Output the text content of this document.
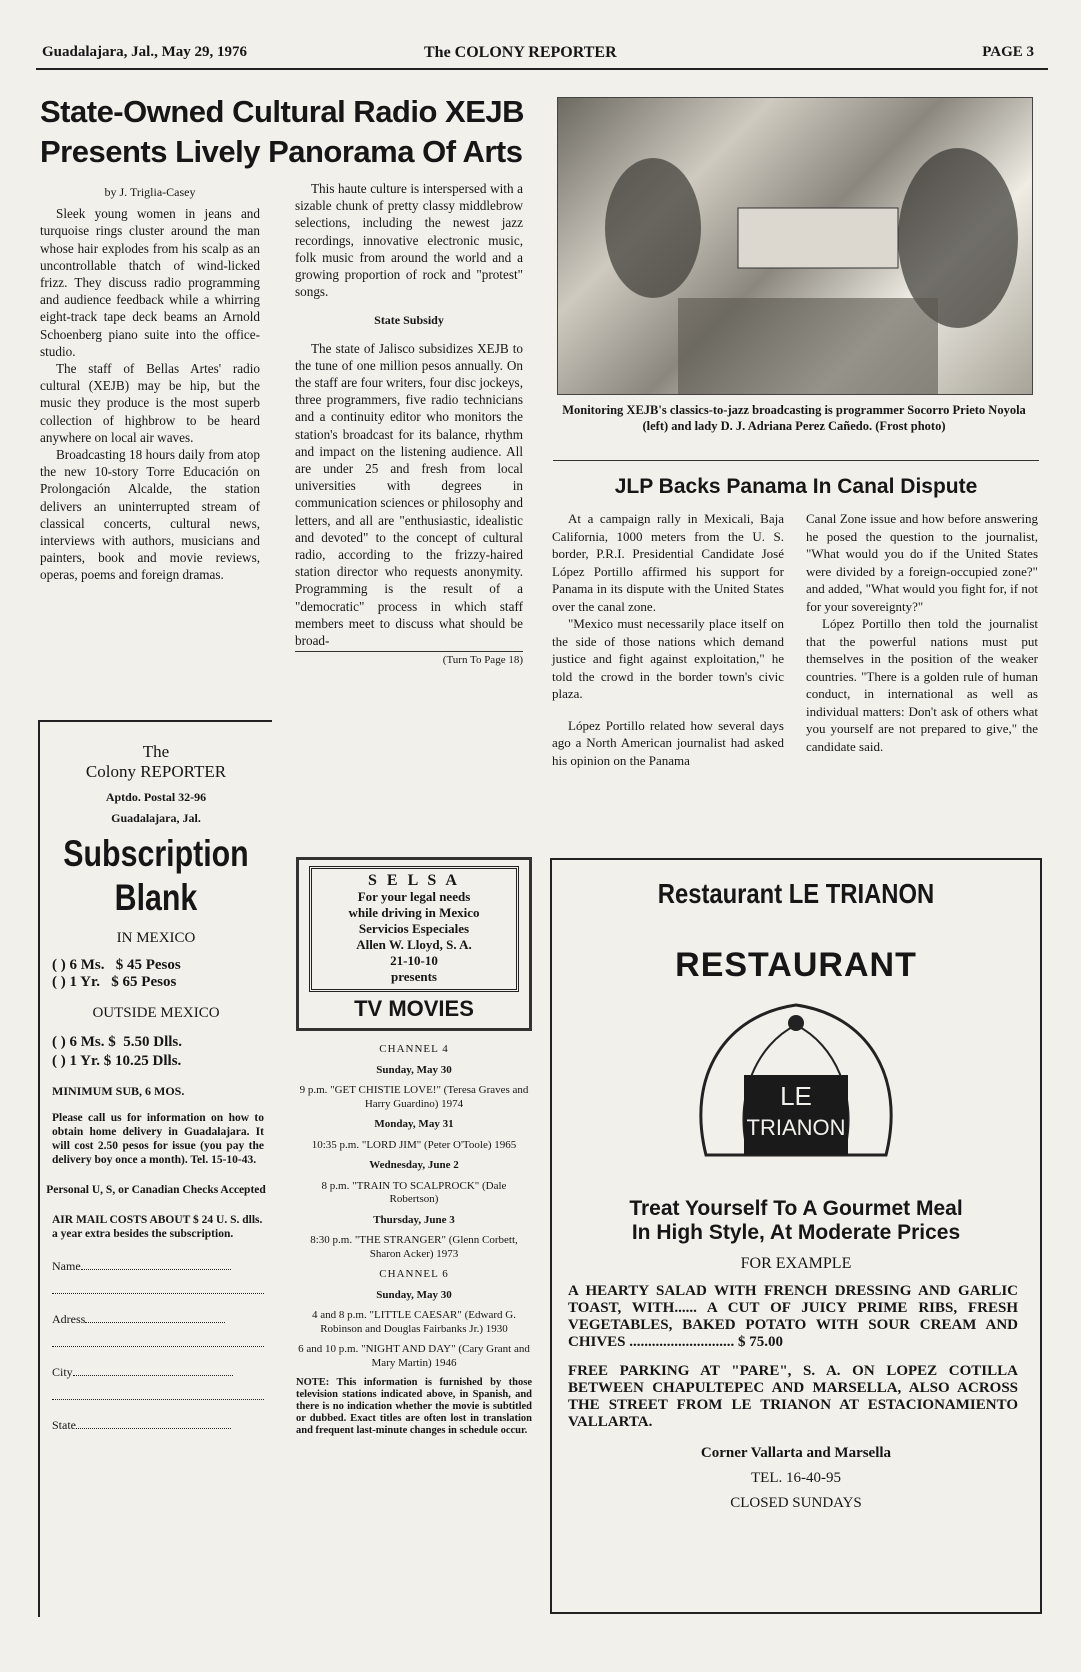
Guadalajara, Jal., May 29, 1976	The COLONY REPORTER	PAGE 3
State-Owned Cultural Radio XEJB Presents Lively Panorama Of Arts

by J. Triglia-Casey

Sleek young women in jeans and turquoise rings cluster around the man whose hair explodes from his scalp as an uncontrollable thatch of wind-licked frizz. They discuss radio programming and audience feedback while a whirring eight-track tape deck beams an Arnold Schoenberg piano suite into the office-studio.

The staff of Bellas Artes' radio cultural (XEJB) may be hip, but the music they produce is the most superb collection of highbrow to be heard anywhere on local air waves.

Broadcasting 18 hours daily from atop the new 10-story Torre Educación on Prolongación Alcalde, the station delivers an uninterrupted stream of classical concerts, cultural news, interviews with authors, musicians and painters, book and movie reviews, operas, poems and foreign dramas.

This haute culture is interspersed with a sizable chunk of pretty classy middlebrow selections, including the newest jazz recordings, innovative electronic music, folk music from around the world and a growing proportion of rock and "protest" songs.

State Subsidy

The state of Jalisco subsidizes XEJB to the tune of one million pesos annually. On the staff are four writers, four disc jockeys, three programmers, five radio technicians and a continuity editor who monitors the station's broadcast for its balance, rhythm and impact on the listening audience. All are under 25 and fresh from local universities with degrees in communication sciences or philosophy and letters, and all are "enthusiastic, idealistic and devoted" to the concept of cultural radio, according to the frizzy-haired station director who requests anonymity. Programming is the result of a "democratic" process in which staff members meet to discuss what should be broad-

(Turn To Page 18)
Monitoring XEJB's classics-to-jazz broadcasting is programmer Socorro Prieto Noyola (left) and lady D. J. Adriana Perez Cañedo. (Frost photo)
JLP Backs Panama In Canal Dispute

At a campaign rally in Mexicali, Baja California, 1000 meters from the U. S. border, P.R.I. Presidential Candidate José López Portillo affirmed his support for Panama in its dispute with the United States over the canal zone.

"Mexico must necessarily place itself on the side of those nations which demand justice and fight against exploitation," he told the crowd in the border town's civic plaza.

López Portillo related how several days ago a North American journalist had asked his opinion on the Panama

Canal Zone issue and how before answering he posed the question to the journalist, "What would you do if the United States were divided by a foreign-occupied zone?" and added, "What would you fight for, if not for your sovereignty?"

López Portillo then told the journalist that the powerful nations must put themselves in the position of the weaker countries. "There is a golden rule of human conduct, in international as well as individual matters: Don't ask of others what you yourself are not prepared to give," the candidate said.

The
Colony REPORTER
Aptdo. Postal 32-96
Guadalajara, Jal.
Subscription Blank
IN MEXICO
( ) 6 Ms.   $ 45 Pesos
( ) 1 Yr.   $ 65 Pesos
OUTSIDE MEXICO
( ) 6 Ms. $  5.50 Dlls.
( ) 1 Yr. $ 10.25 Dlls.
MINIMUM SUB, 6 MOS.
Please call us for information on how to obtain home delivery in Guadalajara. It will cost 2.50 pesos for issue (you pay the delivery boy once a month). Tel. 15-10-43.
Personal U, S, or Canadian Checks Accepted
AIR MAIL COSTS ABOUT $ 24 U. S. dlls. a year extra besides the subscription.
Name
Adress
City
State
S E L S A
For your legal needs
while driving in Mexico
Servicios Especiales
Allen W. Lloyd, S. A.
21-10-10
presents
TV MOVIES

CHANNEL 4

Sunday, May 30

9 p.m. "GET CHISTIE LOVE!" (Teresa Graves and Harry Guardino) 1974

Monday, May 31

10:35 p.m. "LORD JIM" (Peter O'Toole) 1965

Wednesday, June 2

8 p.m. "TRAIN TO SCALPROCK" (Dale Robertson)

Thursday, June 3

8:30 p.m. "THE STRANGER" (Glenn Corbett, Sharon Acker) 1973

CHANNEL 6

Sunday, May 30

4 and 8 p.m. "LITTLE CAESAR" (Edward G. Robinson and Douglas Fairbanks Jr.) 1930

6 and 10 p.m. "NIGHT AND DAY" (Cary Grant and Mary Martin) 1946

NOTE: This information is furnished by those television stations indicated above, in Spanish, and there is no indication whether the movie is subtitled or dubbed. Exact titles are often lost in translation and frequent last-minute changes in schedule occur.

Restaurant LE TRIANON
RESTAURANT
LE
TRIANON
Treat Yourself To A Gourmet Meal
In High Style, At Moderate Prices
FOR EXAMPLE
A HEARTY SALAD WITH FRENCH DRESSING AND GARLIC TOAST, WITH...... A CUT OF JUICY PRIME RIBS, FRESH VEGETABLES, BAKED POTATO WITH SOUR CREAM AND CHIVES ............................ $ 75.00
FREE PARKING AT "PARE", S. A. ON LOPEZ COTILLA BETWEEN CHAPULTEPEC AND MARSELLA, ALSO ACROSS THE STREET FROM LE TRIANON AT ESTACIONAMIENTO VALLARTA.
Corner Vallarta and Marsella
TEL. 16-40-95
CLOSED SUNDAYS
